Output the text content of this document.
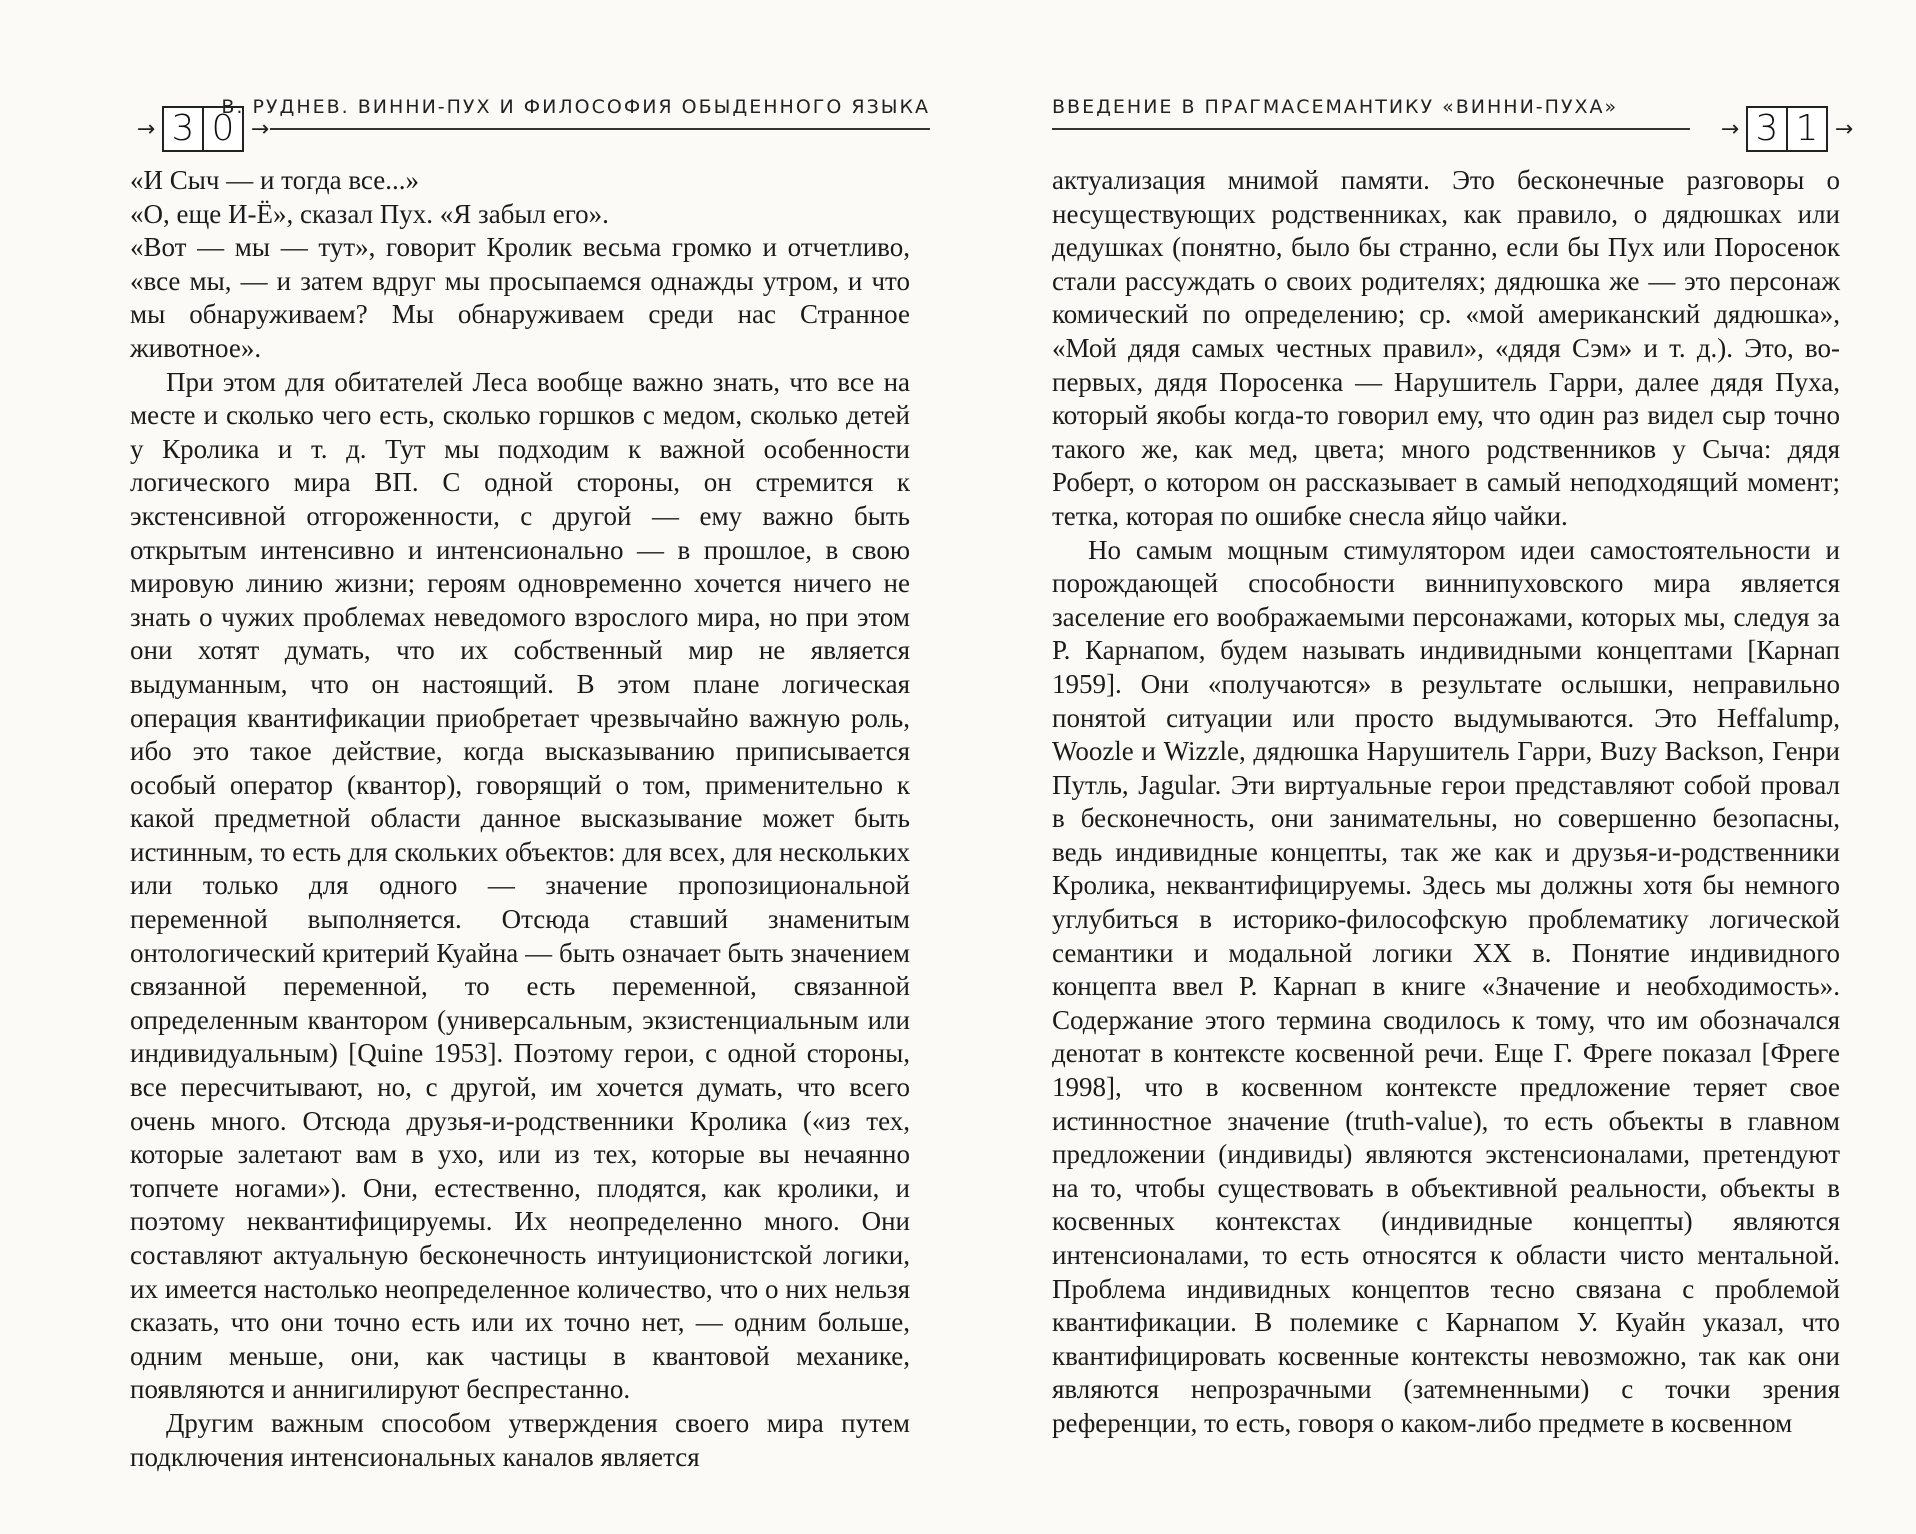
→ 3 0 →
В. РУДНЕВ. ВИННИ-ПУХ И ФИЛОСОФИЯ ОБЫДЕННОГО ЯЗЫКА

«И Сыч — и тогда все...»

«О, еще И-Ё», сказал Пух. «Я забыл его».

«Вот — мы — тут», говорит Кролик весьма громко и отчетливо, «все мы, — и затем вдруг мы просыпаемся однажды утром, и что мы обнаруживаем? Мы обнаруживаем среди нас Странное животное».

При этом для обитателей Леса вообще важно знать, что все на месте и сколько чего есть, сколько горшков с медом, сколько детей у Кролика и т. д. Тут мы подходим к важной особенности логического мира ВП. С одной стороны, он стремится к экстенсивной отгороженности, с другой — ему важно быть открытым интенсивно и интенсионально — в прошлое, в свою мировую линию жизни; героям одновременно хочется ничего не знать о чужих проблемах неведомого взрослого мира, но при этом они хотят думать, что их собственный мир не является выдуманным, что он настоящий. В этом плане логическая операция квантификации приобретает чрезвычайно важную роль, ибо это такое действие, когда высказыванию приписывается особый оператор (квантор), говорящий о том, применительно к какой предметной области данное высказывание может быть истинным, то есть для скольких объектов: для всех, для нескольких или только для одного — значение пропозициональной переменной выполняется. Отсюда ставший знаменитым онтологический критерий Куайна — быть означает быть значением связанной переменной, то есть переменной, связанной определенным квантором (универсальным, экзистенциальным или индивидуальным) [Quine 1953]. Поэтому герои, с одной стороны, все пересчитывают, но, с другой, им хочется думать, что всего очень много. Отсюда друзья-и-родственники Кролика («из тех, которые залетают вам в ухо, или из тех, которые вы нечаянно топчете ногами»). Они, естественно, плодятся, как кролики, и поэтому неквантифицируемы. Их неопределенно много. Они составляют актуальную бесконечность интуиционистской логики, их имеется настолько неопределенное количество, что о них нельзя сказать, что они точно есть или их точно нет, — одним больше, одним меньше, они, как частицы в квантовой механике, появляются и аннигилируют беспрестанно.

Другим важным способом утверждения своего мира путем подключения интенсиональных каналов является

ВВЕДЕНИЕ В ПРАГМАСЕМАНТИКУ «ВИННИ-ПУХА»
→ 3 1 →

актуализация мнимой памяти. Это бесконечные разговоры о несуществующих родственниках, как правило, о дядюшках или дедушках (понятно, было бы странно, если бы Пух или Поросенок стали рассуждать о своих родителях; дядюшка же — это персонаж комический по определению; ср. «мой американский дядюшка», «Мой дядя самых честных правил», «дядя Сэм» и т. д.). Это, во-первых, дядя Поросенка — Нарушитель Гарри, далее дядя Пуха, который якобы когда-то говорил ему, что один раз видел сыр точно такого же, как мед, цвета; много родственников у Сыча: дядя Роберт, о котором он рассказывает в самый неподходящий момент; тетка, которая по ошибке снесла яйцо чайки.

Но самым мощным стимулятором идеи самостоятельности и порождающей способности виннипуховского мира является заселение его воображаемыми персонажами, которых мы, следуя за Р. Карнапом, будем называть индивидными концептами [Карнап 1959]. Они «получаются» в результате ослышки, неправильно понятой ситуации или просто выдумываются. Это Heffalump, Woozle и Wizzle, дядюшка Нарушитель Гарри, Buzy Backson, Генри Путль, Jagular. Эти виртуальные герои представляют собой провал в бесконечность, они занимательны, но совершенно безопасны, ведь индивидные концепты, так же как и друзья-и-родственники Кролика, неквантифицируемы. Здесь мы должны хотя бы немного углубиться в историко-философскую проблематику логической семантики и модальной логики XX в. Понятие индивидного концепта ввел Р. Карнап в книге «Значение и необходимость». Содержание этого термина сводилось к тому, что им обозначался денотат в контексте косвенной речи. Еще Г. Фреге показал [Фреге 1998], что в косвенном контексте предложение теряет свое истинностное значение (truth-value), то есть объекты в главном предложении (индивиды) являются экстенсионалами, претендуют на то, чтобы существовать в объективной реальности, объекты в косвенных контекстах (индивидные концепты) являются интенсионалами, то есть относятся к области чисто ментальной. Проблема индивидных концептов тесно связана с проблемой квантификации. В полемике с Карнапом У. Куайн указал, что квантифицировать косвенные контексты невозможно, так как они являются непрозрачными (затемненными) с точки зрения референции, то есть, говоря о каком-либо предмете в косвенном
